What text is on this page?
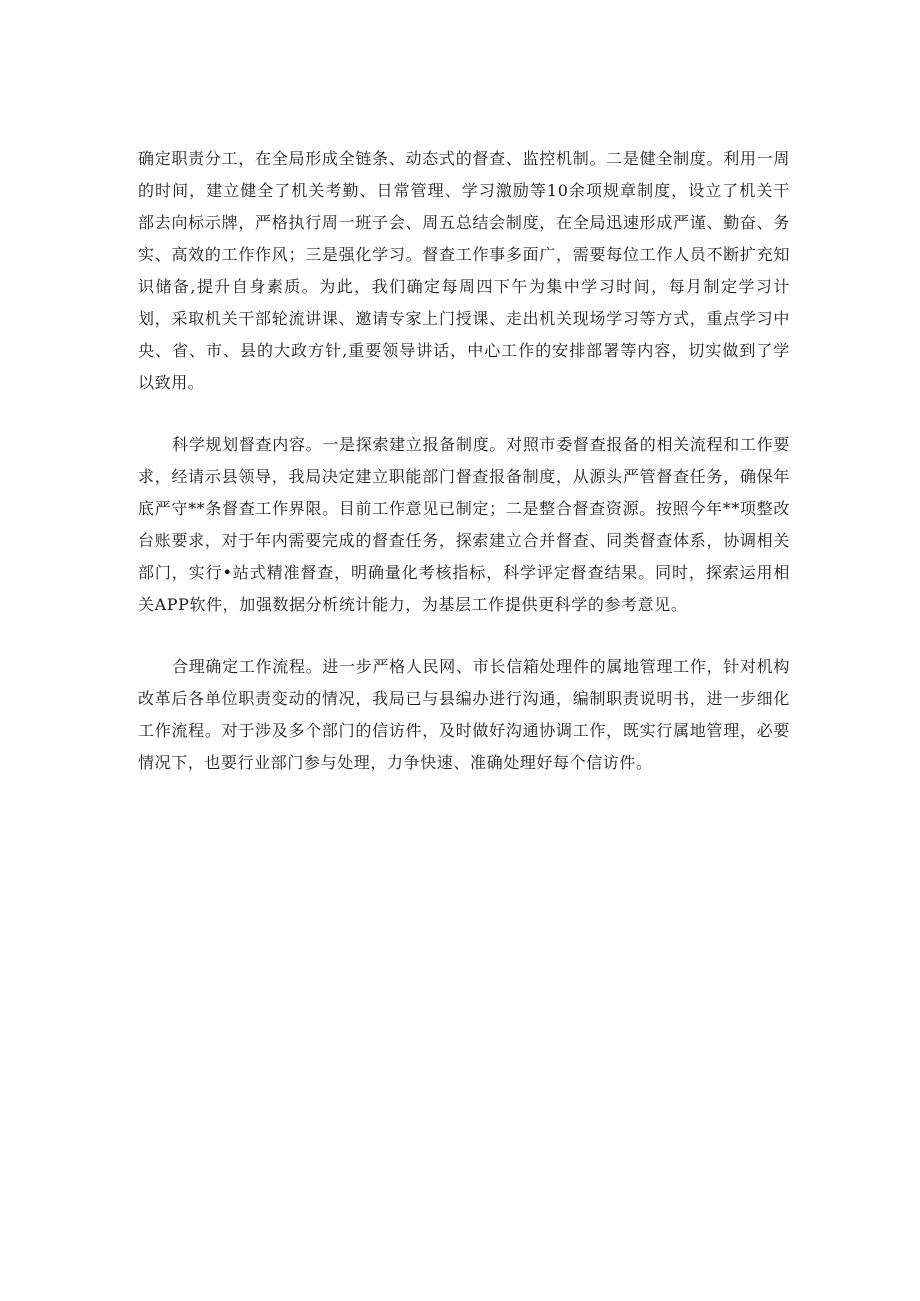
确定职责分工，在全局形成全链条、动态式的督查、监控机制。二是健全制度。利用一周的时间，建立健全了机关考勤、日常管理、学习激励等10余项规章制度，设立了机关干部去向标示牌，严格执行周一班子会、周五总结会制度，在全局迅速形成严谨、勤奋、务实、高效的工作作风；三是强化学习。督查工作事多面广，需要每位工作人员不断扩充知识储备,提升自身素质。为此，我们确定每周四下午为集中学习时间，每月制定学习计划，采取机关干部轮流讲课、邀请专家上门授课、走出机关现场学习等方式，重点学习中央、省、市、县的大政方针,重要领导讲话，中心工作的安排部署等内容，切实做到了学以致用。

科学规划督查内容。一是探索建立报备制度。对照市委督查报备的相关流程和工作要求，经请示县领导，我局决定建立职能部门督查报备制度，从源头严管督查任务，确保年底严守**条督查工作界限。目前工作意见已制定；二是整合督查资源。按照今年**项整改台账要求，对于年内需要完成的督查任务，探索建立合并督查、同类督查体系，协调相关部门，实行•站式精准督查，明确量化考核指标，科学评定督查结果。同时，探索运用相关APP软件，加强数据分析统计能力，为基层工作提供更科学的参考意见。

合理确定工作流程。进一步严格人民网、市长信箱处理件的属地管理工作，针对机构改革后各单位职责变动的情况，我局已与县编办进行沟通，编制职责说明书，进一步细化工作流程。对于涉及多个部门的信访件，及时做好沟通协调工作，既实行属地管理，必要情况下，也要行业部门参与处理，力争快速、准确处理好每个信访件。
